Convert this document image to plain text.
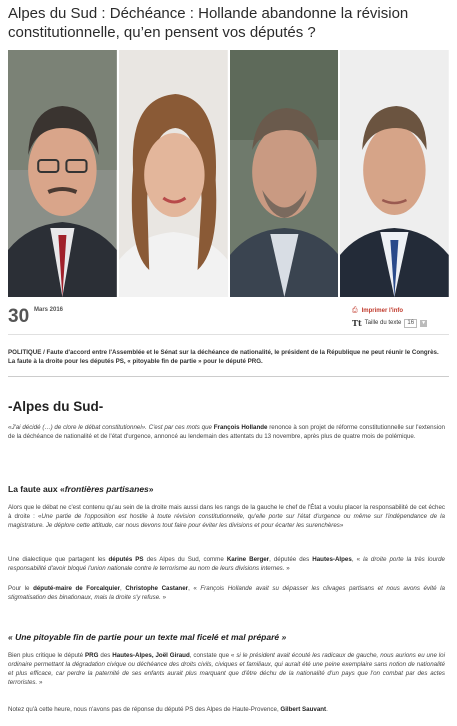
Alpes du Sud : Déchéance : Hollande abandonne la révision constitutionnelle, qu’en pensent vos députés ?
30 Mars 2016	⎙ Imprimer l'info
Tt Taille du texte	16	▼

POLITIQUE / Faute d'accord entre l'Assemblée et le Sénat sur la déchéance de nationalité, le président de la République ne peut réunir le Congrès. La faute à la droite pour les députés PS, « pitoyable fin de partie » pour le député PRG.

-Alpes du Sud-

«J'ai décidé (…) de clore le débat constitutionnel». C'est par ces mots que François Hollande renonce à son projet de réforme constitutionnelle sur l'extension de la déchéance de nationalité et de l'état d'urgence, annoncé au lendemain des attentats du 13 novembre, après plus de quatre mois de polémique.

La faute aux «frontières partisanes»

Alors que le débat ne c'est contenu qu'au sein de la droite mais aussi dans les rangs de la gauche le chef de l'État a voulu placer la responsabilité de cet échec à droite : «Une partie de l'opposition est hostile à toute révision constitutionnelle, qu'elle porte sur l'état d'urgence ou même sur l'indépendance de la magistrature. Je déplore cette attitude, car nous devons tout faire pour éviter les divisions et pour écarter les surenchères»

Une dialectique que partagent les députés PS des Alpes du Sud, comme Karine Berger, députée des Hautes-Alpes, « la droite porte la très lourde responsabilité d'avoir bloqué l'union nationale contre le terrorisme au nom de leurs divisions internes. »

Pour le député-maire de Forcalquier, Christophe Castaner, « François Hollande avait su dépasser les clivages partisans et nous avons évité la stigmatisation des binationaux, mais la droite s'y refuse. »

« Une pitoyable fin de partie pour un texte mal ficelé et mal préparé »

Bien plus critique le député PRG des Hautes-Alpes, Joël Giraud, constate que « si le président avait écouté les radicaux de gauche, nous aurions eu une loi ordinaire permettant la dégradation civique ou déchéance des droits civils, civiques et familiaux, qui aurait été une peine exemplaire sans notion de nationalité et plus efficace, car perdre la paternité de ses enfants aurait plus marquant que d'être déchu de la nationalité d'un pays que l'on combat par des actes terroristes. »

Notez qu'à cette heure, nous n'avons pas de réponse du député PS des Alpes de Haute-Provence, Gilbert Sauvant.
